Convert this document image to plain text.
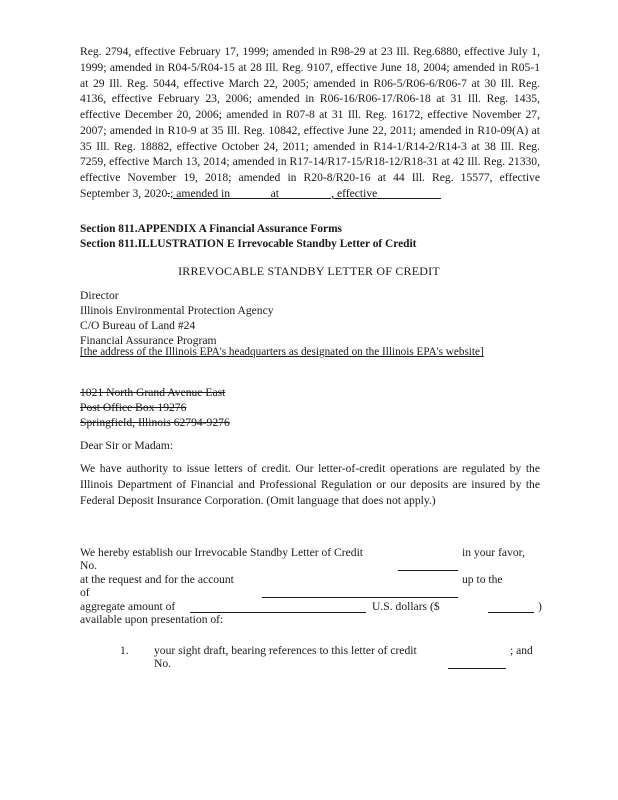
Reg. 2794, effective February 17, 1999; amended in R98-29 at 23 Ill. Reg.6880, effective July 1, 1999; amended in R04-5/R04-15 at 28 Ill. Reg. 9107, effective June 18, 2004; amended in R05-1 at 29 Ill. Reg. 5044, effective March 22, 2005; amended in R06-5/R06-6/R06-7 at 30 Ill. Reg. 4136, effective February 23, 2006; amended in R06-16/R06-17/R06-18 at 31 Ill. Reg. 1435, effective December 20, 2006; amended in R07-8 at 31 Ill. Reg. 16172, effective November 27, 2007; amended in R10-9 at 35 Ill. Reg. 10842, effective June 22, 2011; amended in R10-09(A) at 35 Ill. Reg. 18882, effective October 24, 2011; amended in R14-1/R14-2/R14-3 at 38 Ill. Reg. 7259, effective March 13, 2014; amended in R17-14/R17-15/R18-12/R18-31 at 42 Ill. Reg. 21330, effective November 19, 2018; amended in R20-8/R20-16 at 44 Ill. Reg. 15577, effective September 3, 2020.; amended in	at	, effective
Section 811.APPENDIX A Financial Assurance Forms
Section 811.ILLUSTRATION E Irrevocable Standby Letter of Credit
IRREVOCABLE STANDBY LETTER OF CREDIT
Director
Illinois Environmental Protection Agency
C/O Bureau of Land #24
Financial Assurance Program
[the address of the Illinois EPA's headquarters as designated on the Illinois EPA's website]
1021 North Grand Avenue East
Post Office Box 19276
Springfield, Illinois 62794-9276
Dear Sir or Madam:
We have authority to issue letters of credit. Our letter-of-credit operations are regulated by the Illinois Department of Financial and Professional Regulation or our deposits are insured by the Federal Deposit Insurance Corporation. (Omit language that does not apply.)
We hereby establish our Irrevocable Standby Letter of Credit	in your favor,
No.
at the request and for the account	up to the
of
aggregate amount of	U.S. dollars ($	)
available upon presentation of:
1. your sight draft, bearing references to this letter of credit	; and
No.
